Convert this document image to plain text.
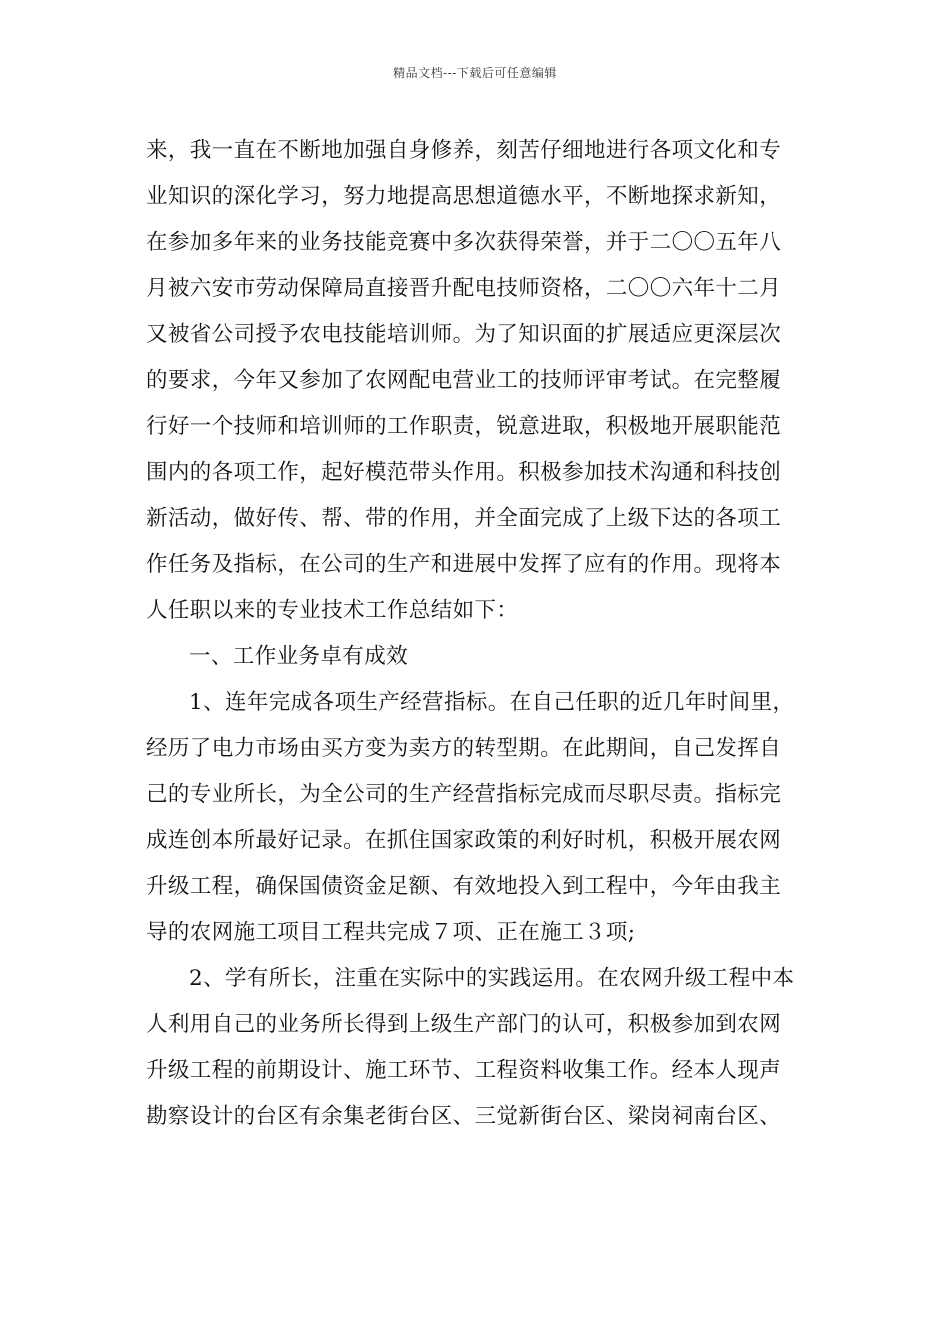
精品文档---下载后可任意编辑
来，我一直在不断地加强自身修养，刻苦仔细地进行各项文化和专
业知识的深化学习，努力地提高思想道德水平，不断地探求新知，
在参加多年来的业务技能竞赛中多次获得荣誉，并于二〇〇五年八
月被六安市劳动保障局直接晋升配电技师资格，二〇〇六年十二月
又被省公司授予农电技能培训师。为了知识面的扩展适应更深层次
的要求，今年又参加了农网配电营业工的技师评审考试。在完整履
行好一个技师和培训师的工作职责，锐意进取，积极地开展职能范
围内的各项工作，起好模范带头作用。积极参加技术沟通和科技创
新活动，做好传、帮、带的作用，并全面完成了上级下达的各项工
作任务及指标，在公司的生产和进展中发挥了应有的作用。现将本
人任职以来的专业技术工作总结如下：
一、工作业务卓有成效
1、连年完成各项生产经营指标。在自己任职的近几年时间里，
经历了电力市场由买方变为卖方的转型期。在此期间，自己发挥自
己的专业所长，为全公司的生产经营指标完成而尽职尽责。指标完
成连创本所最好记录。在抓住国家政策的利好时机，积极开展农网
升级工程，确保国债资金足额、有效地投入到工程中，今年由我主
导的农网施工项目工程共完成７项、正在施工３项;
2、学有所长，注重在实际中的实践运用。在农网升级工程中本
人利用自己的业务所长得到上级生产部门的认可，积极参加到农网
升级工程的前期设计、施工环节、工程资料收集工作。经本人现声
勘察设计的台区有余集老街台区、三觉新街台区、梁岗祠南台区、
